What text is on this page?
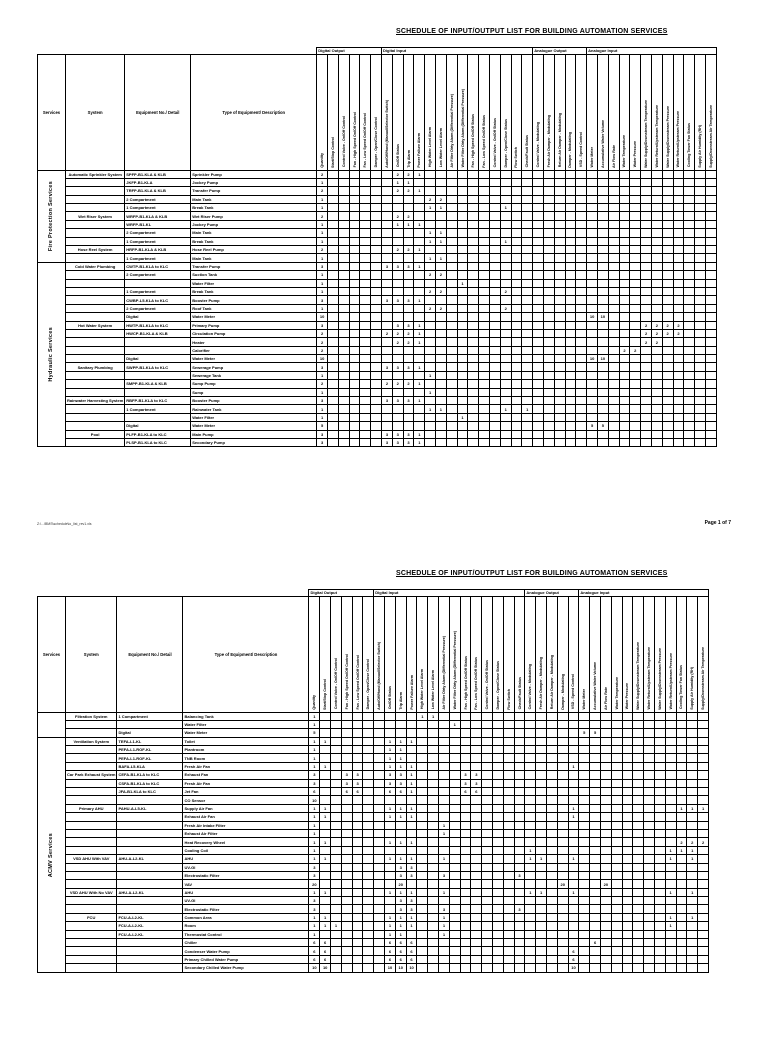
SCHEDULE OF INPUT/OUTPUT LIST FOR BUILDING AUTOMATION SERVICES
				Digital Output						Digital Input														Analogue Output					Analogue Input											
Services	System	Equipment No./ Detail	Type of Equipment/ Description	Quantity	Start/Stop Control	Control Valve - On/Off Control	Fan - High Speed On/Off Control	Fan - Low Speed On/Off Control	Damper - Open/Close Control	Auto/Off/Hand (Manual/Selector Switch)	On/Off Status	Trip Alarm	Power Failure Alarm	High Water Level Alarm	Low Water Level Alarm	Air Filter Dirty Alarm (Differential Pressure)	Water Filter Dirty Alarm (Differential Pressure)	Fan - High Speed On/Off Status	Fan - Low Speed On/Off Status	Control Valve - On/Off Status	Damper - Open/Close Status	Flow Switch	Check/Fault Status	Control Valve - Modulating	Fresh Air Damper - Modulating	Return Air Damper - Modulating	Damper - Modulating	VSD - Speed Control	Water Meter	Accumulative Water Volume	Air Flow Rate	Water Temperature	Water Pressure	Water Supply/Downstream Temperature	Water Return/Upstream Temperature	Water Supply/Downstream Pressure	Water Return/Upstream Pressure	Cooling Tower Fan Status	Supply Air Humidity (RH)	Supply/Downstream Air Temperature

Fire Protection Services	Automatic Sprinkler System	SPFP-B1-KLA & KLB	Sprinkler Pump	2							2	2	1																											
		JKFP-B1-KLA	Jockey Pump	1							1	1																												
		TRFP-B1-KLA & KLB	Transfer Pump	2							2	2	1																											
		2 Compartment	Main Tank	1										2	2																									
		1 Compartment	Break Tank	1										1	1						1																			
	Wet Riser System	WRFP-B1-KLA & KLB	Wet Riser Pump	2							2	2																												
		WRFP-B1-KL	Jockey Pump	1							1	1	1																											
		2 Compartment	Main Tank	1										1	1																									
		1 Compartment	Break Tank	1										1	1						1																			
	Hose Reel System	HRFP-B1-KLA & KLB	Hose Reel Pump	2							2	2	1																											
		1 Compartment	Main Tank	1										1	1																									

Hydraulic Services	Cold Water Plumbing	CWTP-B1-KLA to KLC	Transfer Pump	3						3	3	3	1																											
		2 Compartment	Suction Tank	1										2	2																									
			Water Filter	1													1																							
		1 Compartment	Break Tank	1										2	2						2																			
		CWBP-L5-KLA to KLC	Booster Pump	3						3	3	3	1																											
		2 Compartment	Roof Tank	1										2	2						2																			
		Digital	Water Meter	10																									10	10										
	Hot Water System	HWTP-B1-KLA to KLC	Primary Pump	3							3	3	1																					2	2	2	2			
		HWCP-B1-KLA & KLB	Circulation Pump	2						2	2	2	1																					2	2	2	2			
			Heater	2							2	2	1																					2	2					
			Calorifier	2																												2	2							
		Digital	Water Meter	10																									10	10										
	Sanitary Plumbing	SWPP-B1-KLA to KLC	Sewerage Pump	3						3	3	3	1																											
			Sewerage Tank	1										1																										
		SMPP-B1-KLA & KLB	Sump Pump	2						2	2	2	1																											
			Sump	1										1																										
	Rainwater Harvesting System	RBFP-B1-KLA to KLC	Booster Pump	3						3	3	3	1																											
		1 Compartment	Rainwater Tank	1										1	1						1		1																	
			Water Filter	1													1																							
		Digital	Water Meter	5																									5	5										
	Pool	PLFP-B1-KLA to KLC	Main Pump	3						3	3	3	1																											
		PLSP-B1-KLA to KLC	Secondary Pump	3						3	3	3	1																											
Z:\...\BMS\schedule\io_list_rev1.xls	Page 1 of 7
SCHEDULE OF INPUT/OUTPUT LIST FOR BUILDING AUTOMATION SERVICES
				Digital Output						Digital Input														Analogue Output					Analogue Input											
Services	System	Equipment No./ Detail	Type of Equipment/ Description	Quantity	Start/Stop Control	Control Valve - On/Off Control	Fan - High Speed On/Off Control	Fan - Low Speed On/Off Control	Damper - Open/Close Control	Auto/Off/Hand (Manual/Selector Switch)	On/Off Status	Trip Alarm	Power Failure Alarm	High Water Level Alarm	Low Water Level Alarm	Air Filter Dirty Alarm (Differential Pressure)	Water Filter Dirty Alarm (Differential Pressure)	Fan - High Speed On/Off Status	Fan - Low Speed On/Off Status	Control Valve - On/Off Status	Damper - Open/Close Status	Flow Switch	Check/Fault Status	Control Valve - Modulating	Fresh Air Damper - Modulating	Return Air Damper - Modulating	Damper - Modulating	VSD - Speed Control	Water Meter	Accumulative Water Volume	Air Flow Rate	Water Temperature	Water Pressure	Water Supply/Downstream Temperature	Water Return/Upstream Temperature	Water Supply/Downstream Pressure	Water Return/Upstream Pressure	Cooling Tower Fan Status	Supply Air Humidity (RH)	Supply/Downstream Air Temperature

	Filtration System	1 Compartment	Balancing Tank	1										1	1																									
			Water Filter	1													1																							
		Digital	Water Meter	5																									5	5										

ACMV Services	Ventilation System	TEFA-L1-KL	Toilet	1	1						1	1	1																											
		PEFA-L1-ROF-KL	Plantroom	1							1	1																												
		PEFA-L1-ROF-KL	TNB Room	1							1	1																												
		BAFA-L5-KLA	Fresh Air Fan	1	1						1	1	1															1												
	Car Park Exhaust System	CEFA-B1-KLA to KLC	Exhaust Fan	3			3	3			3	3	1					3	3																					
		CSFA-B1-KLA to KLC	Fresh Air Fan	3			3	3			3	3	1					3	3																					
		JFA-B1-KLA to KLC	Jet Fan	6			6	6			6	6	1					6	6																					
			CO Sensor	10																																				
	Primary AHU	PAHU-A-L5-KL	Supply Air Fan	1	1						1	1	1															1										1	1	1
			Exhaust Air Fan	1	1						1	1	1															1												
			Fresh Air Intake Filter	1												1																								
			Exhaust Air Filter	1												1																								
			Heat Recovery Wheel	1	1						1	1	1																									2	2	2
			Cooling Coil	1																				1													1	1	1	
	VSD AHU With VAV	AHU-A-L2-KL	AHU	1	1						1	1	1			1								1	1			1									1		1	
			UV-GI	3								3	3																											
			Electrostatic Filter	3								3	3			3							3																	
			VAV	20								20															20				20									
	VSD AHU With No VAV	AHU-A-L2-KL	AHU	1	1						1	1	1			1								1	1			1									1		1	
			UV-GI	3								3	3																											
			Electrostatic Filter	3								3	3			3							3																	
	FCU	FCU-A-L2-KL	Common Area	1	1						1	1	1			1																					1		1	
		FCU-A-L2-KL	Room	1	1	1					1	1	1			1																					1			
		FCU-A-L2-KL	Thermostat Control	1							1	1				1																								
			Chiller	6	6						6	6	6																	6										
			Condenser Water Pump	6	6						6	6	6															6												
			Primary Chilled Water Pump	6	6						6	6	6															6												
			Secondary Chilled Water Pump	10	10						10	10	10															10												
